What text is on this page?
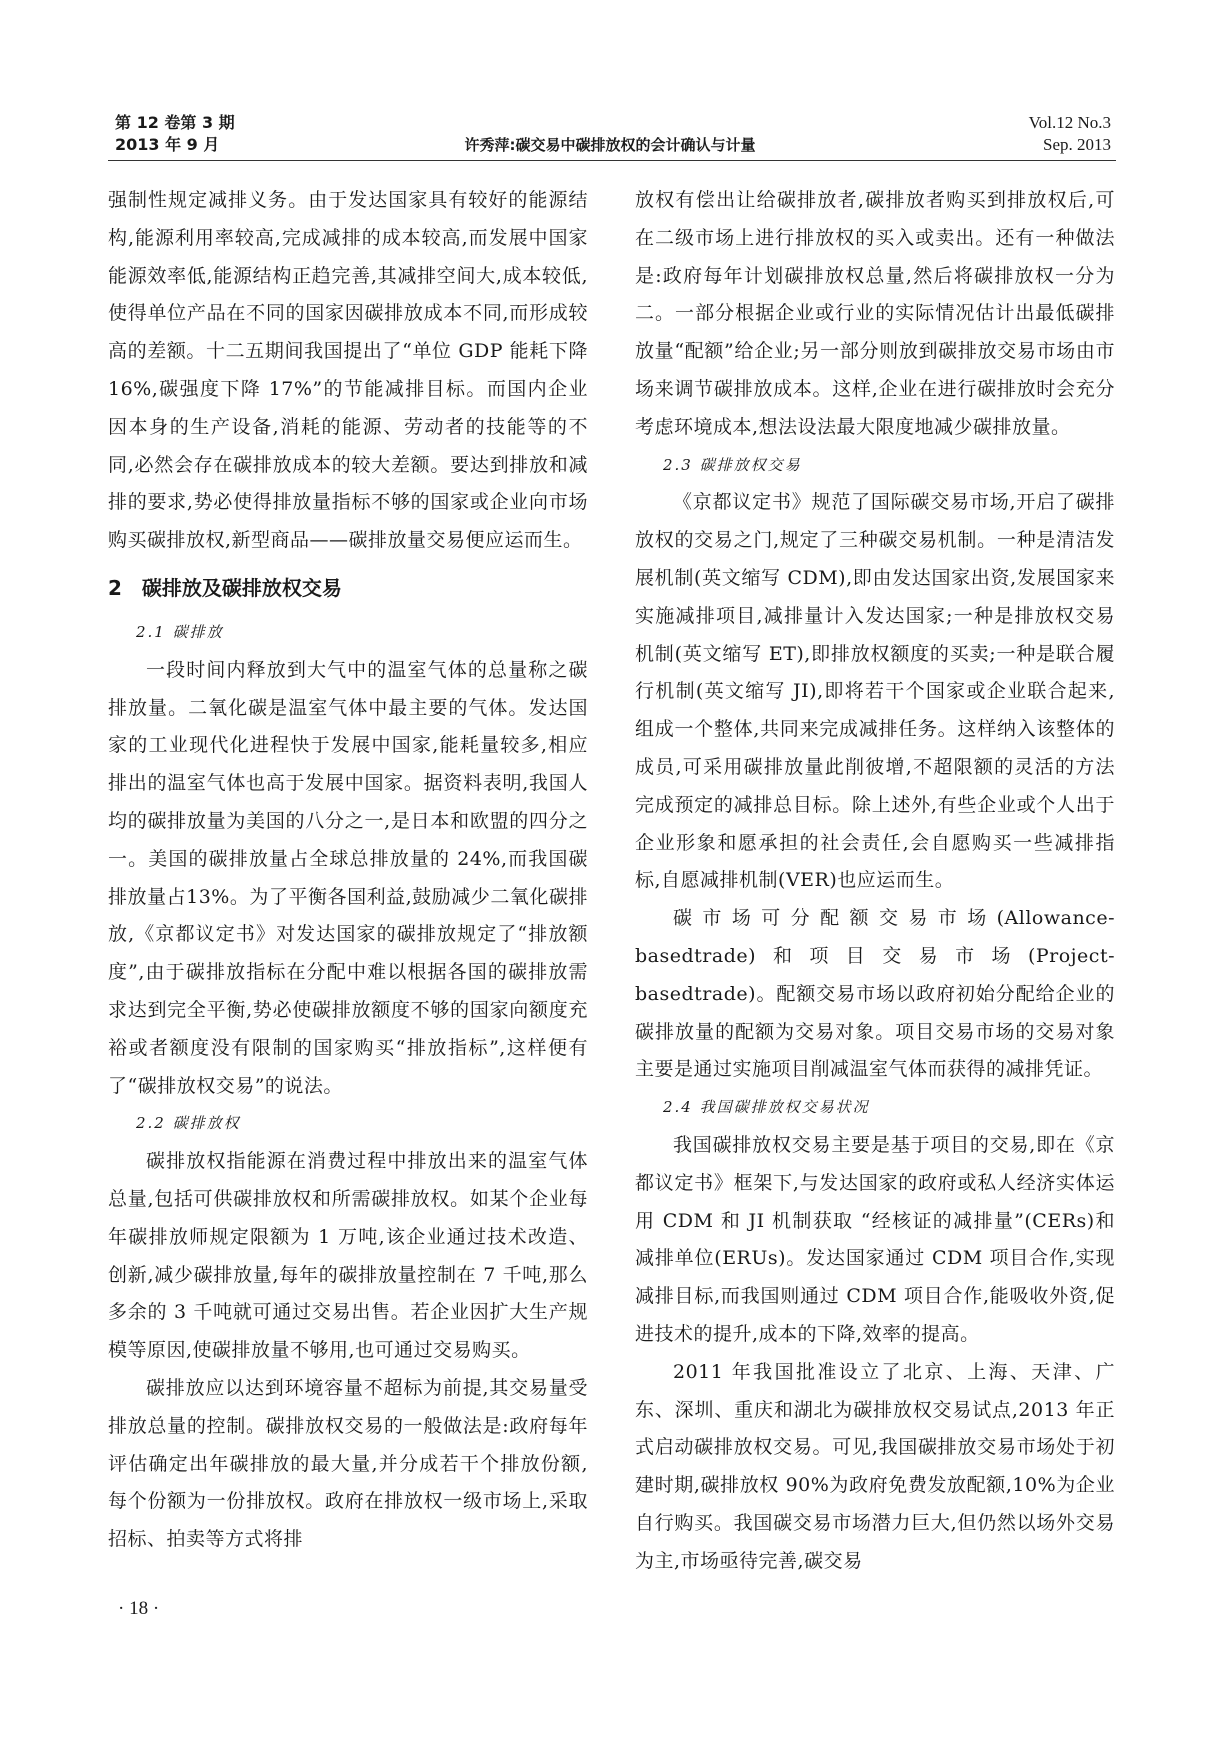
第 12 卷第 3 期
2013 年 9 月	许秀萍:碳交易中碳排放权的会计确认与计量
Vol.12 No.3
Sep. 2013

强制性规定减排义务。由于发达国家具有较好的能源结构,能源利用率较高,完成减排的成本较高,而发展中国家能源效率低,能源结构正趋完善,其减排空间大,成本较低,使得单位产品在不同的国家因碳排放成本不同,而形成较高的差额。十二五期间我国提出了“单位 GDP 能耗下降 16%,碳强度下降 17%”的节能减排目标。而国内企业因本身的生产设备,消耗的能源、劳动者的技能等的不同,必然会存在碳排放成本的较大差额。要达到排放和减排的要求,势必使得排放量指标不够的国家或企业向市场购买碳排放权,新型商品——碳排放量交易便应运而生。

2　碳排放及碳排放权交易
2.1 碳排放

一段时间内释放到大气中的温室气体的总量称之碳排放量。二氧化碳是温室气体中最主要的气体。发达国家的工业现代化进程快于发展中国家,能耗量较多,相应排出的温室气体也高于发展中国家。据资料表明,我国人均的碳排放量为美国的八分之一,是日本和欧盟的四分之一。美国的碳排放量占全球总排放量的 24%,而我国碳排放量占13%。为了平衡各国利益,鼓励减少二氧化碳排放,《京都议定书》对发达国家的碳排放规定了“排放额度”,由于碳排放指标在分配中难以根据各国的碳排放需求达到完全平衡,势必使碳排放额度不够的国家向额度充裕或者额度没有限制的国家购买“排放指标”,这样便有了“碳排放权交易”的说法。

2.2 碳排放权

碳排放权指能源在消费过程中排放出来的温室气体总量,包括可供碳排放权和所需碳排放权。如某个企业每年碳排放师规定限额为 1 万吨,该企业通过技术改造、创新,减少碳排放量,每年的碳排放量控制在 7 千吨,那么多余的 3 千吨就可通过交易出售。若企业因扩大生产规模等原因,使碳排放量不够用,也可通过交易购买。

碳排放应以达到环境容量不超标为前提,其交易量受排放总量的控制。碳排放权交易的一般做法是:政府每年评估确定出年碳排放的最大量,并分成若干个排放份额,每个份额为一份排放权。政府在排放权一级市场上,采取招标、拍卖等方式将排

放权有偿出让给碳排放者,碳排放者购买到排放权后,可在二级市场上进行排放权的买入或卖出。还有一种做法是:政府每年计划碳排放权总量,然后将碳排放权一分为二。一部分根据企业或行业的实际情况估计出最低碳排放量“配额”给企业;另一部分则放到碳排放交易市场由市场来调节碳排放成本。这样,企业在进行碳排放时会充分考虑环境成本,想法设法最大限度地减少碳排放量。

2.3 碳排放权交易

《京都议定书》规范了国际碳交易市场,开启了碳排放权的交易之门,规定了三种碳交易机制。一种是清洁发展机制(英文缩写 CDM),即由发达国家出资,发展国家来实施减排项目,减排量计入发达国家;一种是排放权交易机制(英文缩写 ET),即排放权额度的买卖;一种是联合履行机制(英文缩写 JI),即将若干个国家或企业联合起来,组成一个整体,共同来完成减排任务。这样纳入该整体的成员,可采用碳排放量此削彼增,不超限额的灵活的方法完成预定的减排总目标。除上述外,有些企业或个人出于企业形象和愿承担的社会责任,会自愿购买一些减排指标,自愿减排机制(VER)也应运而生。

碳市场可分配额交易市场(Allowance-basedtrade)和项目交易市场(Project-basedtrade)。配额交易市场以政府初始分配给企业的碳排放量的配额为交易对象。项目交易市场的交易对象主要是通过实施项目削减温室气体而获得的减排凭证。

2.4 我国碳排放权交易状况

我国碳排放权交易主要是基于项目的交易,即在《京都议定书》框架下,与发达国家的政府或私人经济实体运用 CDM 和 JI 机制获取 “经核证的减排量”(CERs)和减排单位(ERUs)。发达国家通过 CDM 项目合作,实现减排目标,而我国则通过 CDM 项目合作,能吸收外资,促进技术的提升,成本的下降,效率的提高。

2011 年我国批准设立了北京、上海、天津、广东、深圳、重庆和湖北为碳排放权交易试点,2013 年正式启动碳排放权交易。可见,我国碳排放交易市场处于初建时期,碳排放权 90%为政府免费发放配额,10%为企业自行购买。我国碳交易市场潜力巨大,但仍然以场外交易为主,市场亟待完善,碳交易

· 18 ·
